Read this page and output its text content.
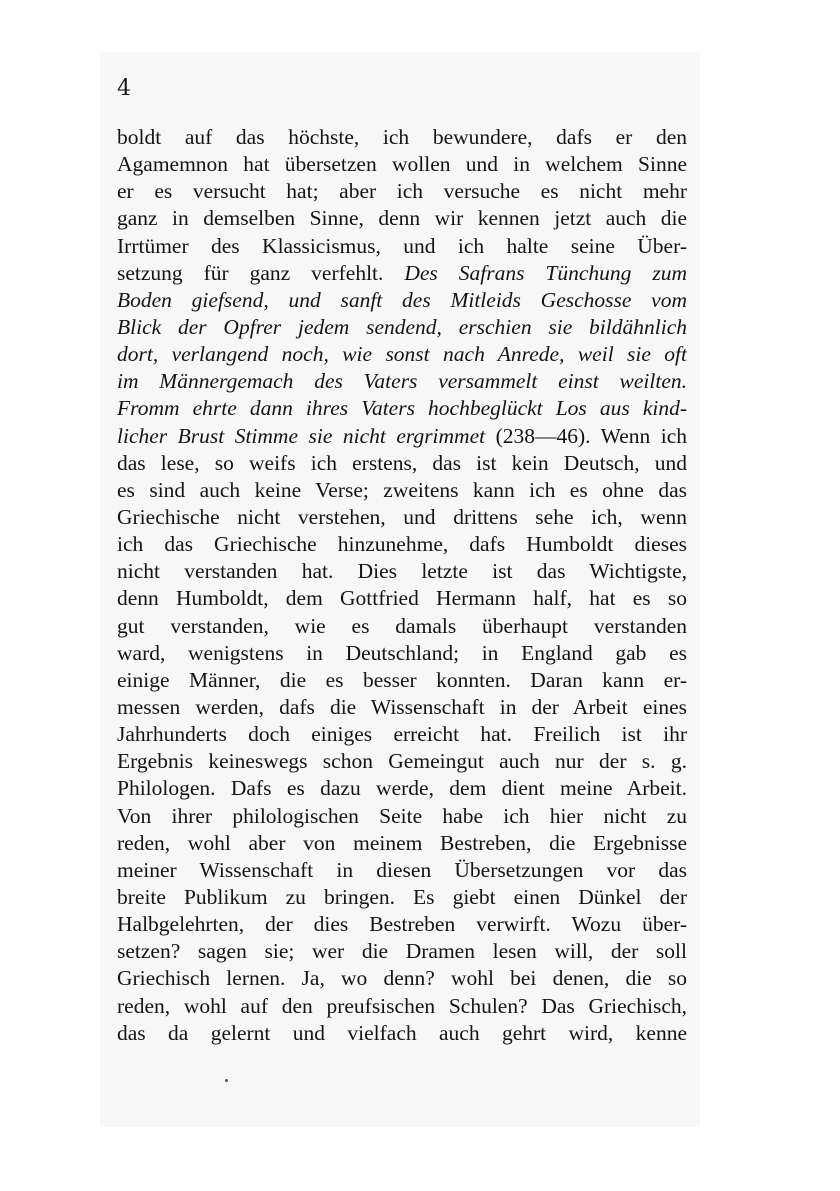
4
boldt auf das höchste, ich bewundere, dafs er den
Agamemnon hat übersetzen wollen und in welchem Sinne
er es versucht hat; aber ich versuche es nicht mehr
ganz in demselben Sinne, denn wir kennen jetzt auch die
Irrtümer des Klassicismus, und ich halte seine Über-
setzung für ganz verfehlt. Des Safrans Tünchung zum
Boden giefsend, und sanft des Mitleids Geschosse vom
Blick der Opfrer jedem sendend, erschien sie bildähnlich
dort, verlangend noch, wie sonst nach Anrede, weil sie oft
im Männergemach des Vaters versammelt einst weilten.
Fromm ehrte dann ihres Vaters hochbeglückt Los aus kind-
licher Brust Stimme sie nicht ergrimmet (238—46). Wenn ich
das lese, so weifs ich erstens, das ist kein Deutsch, und
es sind auch keine Verse; zweitens kann ich es ohne das
Griechische nicht verstehen, und drittens sehe ich, wenn
ich das Griechische hinzunehme, dafs Humboldt dieses
nicht verstanden hat. Dies letzte ist das Wichtigste,
denn Humboldt, dem Gottfried Hermann half, hat es so
gut verstanden, wie es damals überhaupt verstanden
ward, wenigstens in Deutschland; in England gab es
einige Männer, die es besser konnten. Daran kann er-
messen werden, dafs die Wissenschaft in der Arbeit eines
Jahrhunderts doch einiges erreicht hat. Freilich ist ihr
Ergebnis keineswegs schon Gemeingut auch nur der s. g.
Philologen. Dafs es dazu werde, dem dient meine Arbeit.
Von ihrer philologischen Seite habe ich hier nicht zu
reden, wohl aber von meinem Bestreben, die Ergebnisse
meiner Wissenschaft in diesen Übersetzungen vor das
breite Publikum zu bringen. Es giebt einen Dünkel der
Halbgelehrten, der dies Bestreben verwirft. Wozu über-
setzen? sagen sie; wer die Dramen lesen will, der soll
Griechisch lernen. Ja, wo denn? wohl bei denen, die so
reden, wohl auf den preufsischen Schulen? Das Griechisch,
das da gelernt und vielfach auch gehrt wird, kenne
